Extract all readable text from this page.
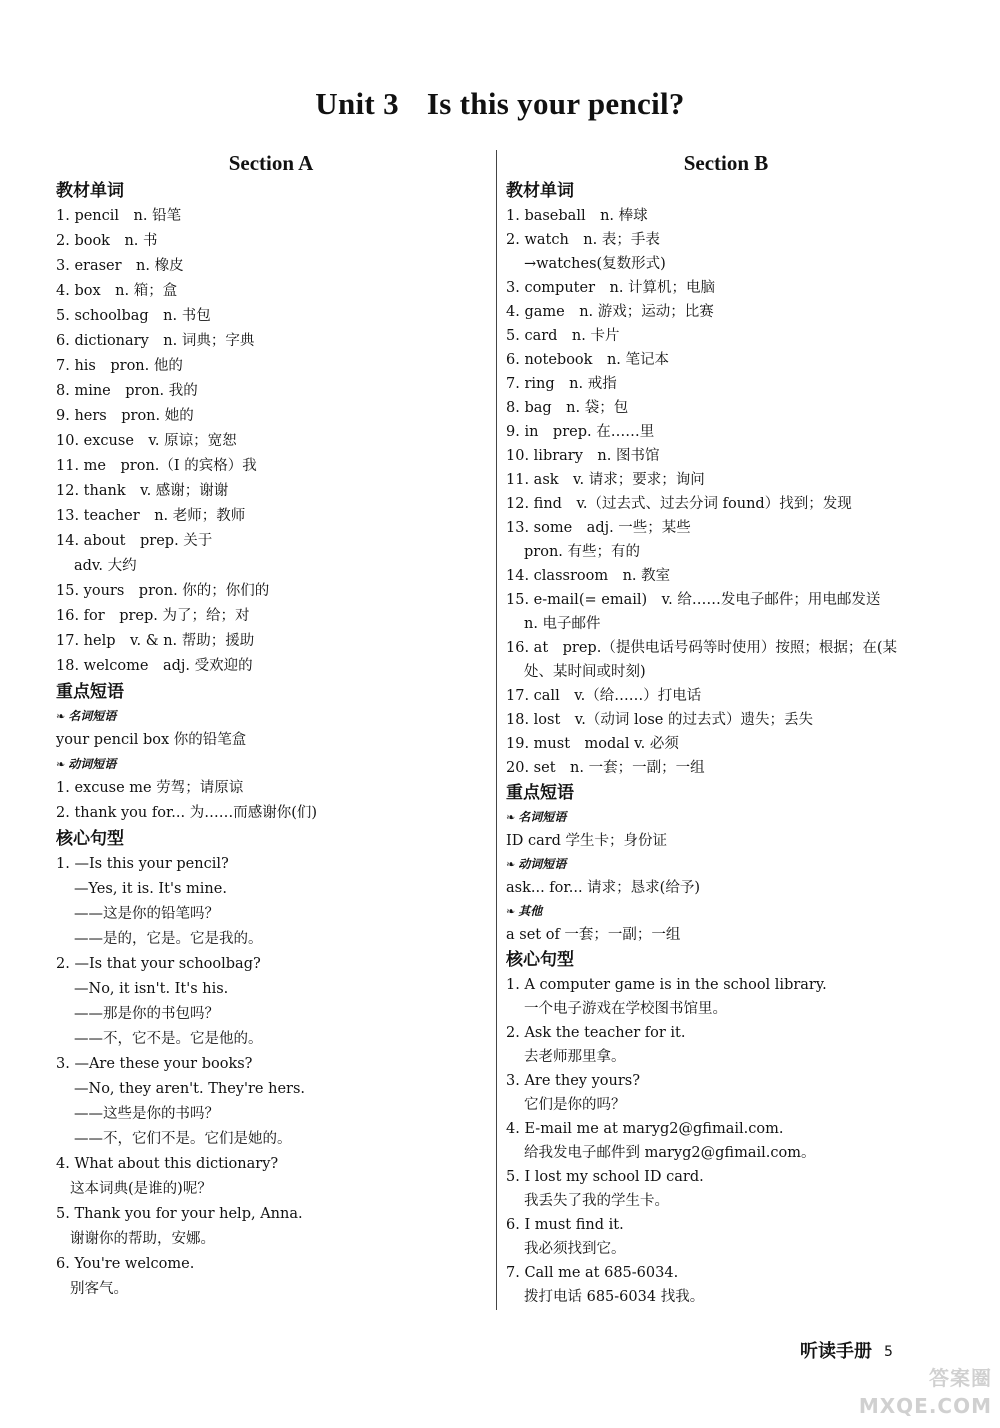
Unit 3 Is this your pencil?
Section A
教材单词
1. pencil　n. 铅笔
2. book　n. 书
3. eraser　n. 橡皮
4. box　n. 箱；盒
5. schoolbag　n. 书包
6. dictionary　n. 词典；字典
7. his　pron. 他的
8. mine　pron. 我的
9. hers　pron. 她的
10. excuse　v. 原谅；宽恕
11. me　pron.（I 的宾格）我
12. thank　v. 感谢；谢谢
13. teacher　n. 老师；教师
14. about　prep. 关于
adv. 大约
15. yours　pron. 你的；你们的
16. for　prep. 为了；给；对
17. help　v. & n. 帮助；援助
18. welcome　adj. 受欢迎的
重点短语
❧ 名词短语
your pencil box 你的铅笔盒
❧ 动词短语
1. excuse me 劳驾；请原谅
2. thank you for... 为……而感谢你(们)
核心句型
1. —Is this your pencil?
—Yes, it is. It's mine.
——这是你的铅笔吗？
——是的，它是。它是我的。
2. —Is that your schoolbag?
—No, it isn't. It's his.
——那是你的书包吗？
——不，它不是。它是他的。
3. —Are these your books?
—No, they aren't. They're hers.
——这些是你的书吗？
——不，它们不是。它们是她的。
4. What about this dictionary?
这本词典(是谁的)呢？
5. Thank you for your help, Anna.
谢谢你的帮助，安娜。
6. You're welcome.
别客气。
Section B
教材单词
1. baseball　n. 棒球
2. watch　n. 表；手表
→watches(复数形式)
3. computer　n. 计算机；电脑
4. game　n. 游戏；运动；比赛
5. card　n. 卡片
6. notebook　n. 笔记本
7. ring　n. 戒指
8. bag　n. 袋；包
9. in　prep. 在……里
10. library　n. 图书馆
11. ask　v. 请求；要求；询问
12. find　v.（过去式、过去分词 found）找到；发现
13. some　adj. 一些；某些
pron. 有些；有的
14. classroom　n. 教室
15. e-mail(= email)　v. 给……发电子邮件；用电邮发送
n. 电子邮件
16. at　prep.（提供电话号码等时使用）按照；根据；在(某
处、某时间或时刻)
17. call　v.（给……）打电话
18. lost　v.（动词 lose 的过去式）遗失；丢失
19. must　modal v. 必须
20. set　n. 一套；一副；一组
重点短语
❧ 名词短语
ID card 学生卡；身份证
❧ 动词短语
ask... for... 请求；恳求(给予)
❧ 其他
a set of 一套；一副；一组
核心句型
1. A computer game is in the school library.
一个电子游戏在学校图书馆里。
2. Ask the teacher for it.
去老师那里拿。
3. Are they yours?
它们是你的吗？
4. E-mail me at maryg2@gfimail.com.
给我发电子邮件到 maryg2@gfimail.com。
5. I lost my school ID card.
我丢失了我的学生卡。
6. I must find it.
我必须找到它。
7. Call me at 685-6034.
拨打电话 685-6034 找我。
听读手册 $^5$
答案圈
MXQE.COM
